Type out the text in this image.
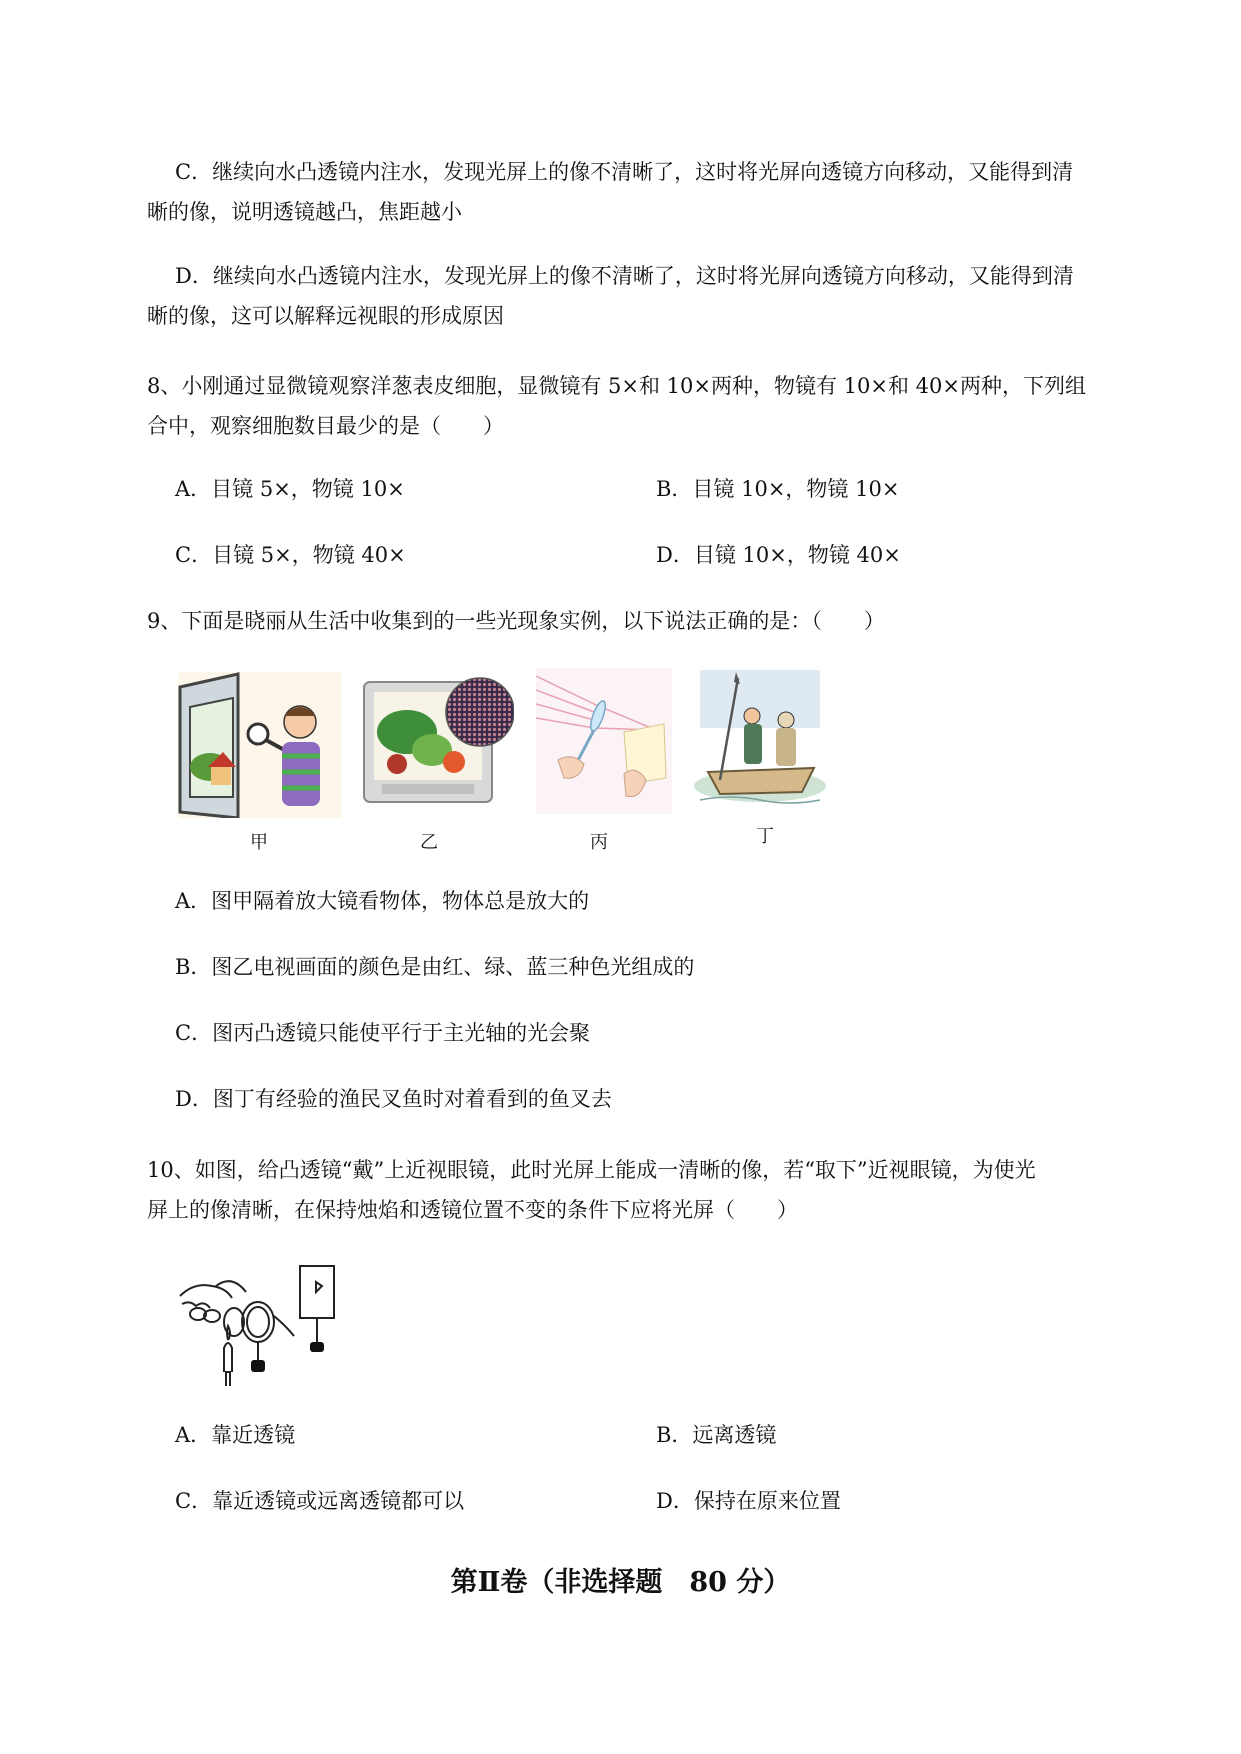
C．继续向水凸透镜内注水，发现光屏上的像不清晰了，这时将光屏向透镜方向移动，又能得到清
晰的像，说明透镜越凸，焦距越小
D．继续向水凸透镜内注水，发现光屏上的像不清晰了，这时将光屏向透镜方向移动，又能得到清
晰的像，这可以解释远视眼的形成原因
8、小刚通过显微镜观察洋葱表皮细胞，显微镜有 5×和 10×两种，物镜有 10×和 40×两种，下列组
合中，观察细胞数目最少的是（　　）
A．目镜 5×，物镜 10×	B．目镜 10×，物镜 10×
C．目镜 5×，物镜 40×	D．目镜 10×，物镜 40×
9、下面是晓丽从生活中收集到的一些光现象实例，以下说法正确的是：（　　）
甲	乙	丙	丁
A．图甲隔着放大镜看物体，物体总是放大的
B．图乙电视画面的颜色是由红、绿、蓝三种色光组成的
C．图丙凸透镜只能使平行于主光轴的光会聚
D．图丁有经验的渔民叉鱼时对着看到的鱼叉去
10、如图，给凸透镜“戴”上近视眼镜，此时光屏上能成一清晰的像，若“取下”近视眼镜，为使光
屏上的像清晰，在保持烛焰和透镜位置不变的条件下应将光屏（　　）
A．靠近透镜	B．远离透镜
C．靠近透镜或远离透镜都可以	D．保持在原来位置
第Ⅱ卷（非选择题　80 分）
